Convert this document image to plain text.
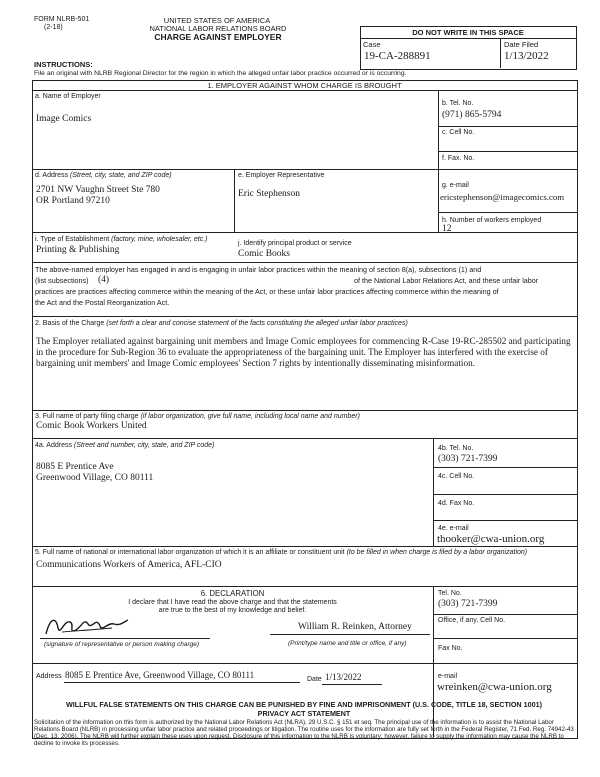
FORM NLRB-501
(2-18)
UNITED STATES OF AMERICA
NATIONAL LABOR RELATIONS BOARD
CHARGE AGAINST EMPLOYER	DO NOT WRITE IN THIS SPACE
Case
19-CA-288891
Date Filed
1/13/2022
INSTRUCTIONS:
File an original with NLRB Regional Director for the region in which the alleged unfair labor practice occurred or is occurring.
1. EMPLOYER AGAINST WHOM CHARGE IS BROUGHT
a. Name of Employer
Image Comics
b. Tel. No.
(971) 865-5794
c. Cell No.
f. Fax. No.
d. Address (Street, city, state, and ZIP code)
2701 NW Vaughn Street Ste 780
OR Portland 97210
e. Employer Representative
Eric Stephenson
g. e-mail
ericstephenson@imagecomics.com
h. Number of workers employed
12
i. Type of Establishment (factory, mine, wholesaler, etc.)
Printing & Publishing
j. Identify principal product or service
Comic Books
The above-named employer has engaged in and is engaging in unfair labor practices within the meaning of section 8(a), subsections (1) and
(list subsections) (4)	of the National Labor Relations Act, and these unfair labor
practices are practices affecting commerce within the meaning of the Act, or these unfair labor practices affecting commerce within the meaning of
the Act and the Postal Reorganization Act.
2. Basis of the Charge (set forth a clear and concise statement of the facts constituting the alleged unfair labor practices)
The Employer retaliated against bargaining unit members and Image Comic employees for commencing R-Case 19-RC-285502 and participating in the procedure for Sub-Region 36 to evaluate the appropriateness of the bargaining unit. The Employer has interfered with the exercise of bargaining unit members' and Image Comic employees' Section 7 rights by intentionally disseminating misinformation.
3. Full name of party filing charge (if labor organization, give full name, including local name and number)
Comic Book Workers United
4a. Address (Street and number, city, state, and ZIP code)
8085 E Prentice Ave
Greenwood Village, CO 80111
4b. Tel. No.
(303) 721-7399
4c. Cell No.
4d. Fax No.
4e. e-mail
thooker@cwa-union.org
5. Full name of national or international labor organization of which it is an affiliate or constituent unit (to be filled in when charge is filed by a labor organization)
Communications Workers of America, AFL-CIO
6. DECLARATION
I declare that I have read the above charge and that the statements
are true to the best of my knowledge and belief.
(signature of representative or person making charge)
William R. Reinken, Attorney
(Print/type name and title or office, if any)
Tel. No.
(303) 721-7399
Office, if any, Cell No.
Fax No.
e-mail
wreinken@cwa-union.org
Address 8085 E Prentice Ave, Greenwood Village, CO 80111	Date 1/13/2022
WILLFUL FALSE STATEMENTS ON THIS CHARGE CAN BE PUNISHED BY FINE AND IMPRISONMENT (U.S. CODE, TITLE 18, SECTION 1001)
PRIVACY ACT STATEMENT
Solicitation of the information on this form is authorized by the National Labor Relations Act (NLRA), 29 U.S.C. § 151 et seq. The principal use of the information is to assist the National Labor Relations Board (NLRB) in processing unfair labor practice and related proceedings or litigation. The routine uses for the information are fully set forth in the Federal Register, 71 Fed. Reg. 74942-43 (Dec. 13, 2006). The NLRB will further explain these uses upon request. Disclosure of this information to the NLRB is voluntary; however, failure to supply the information may cause the NLRB to decline to invoke its processes.
